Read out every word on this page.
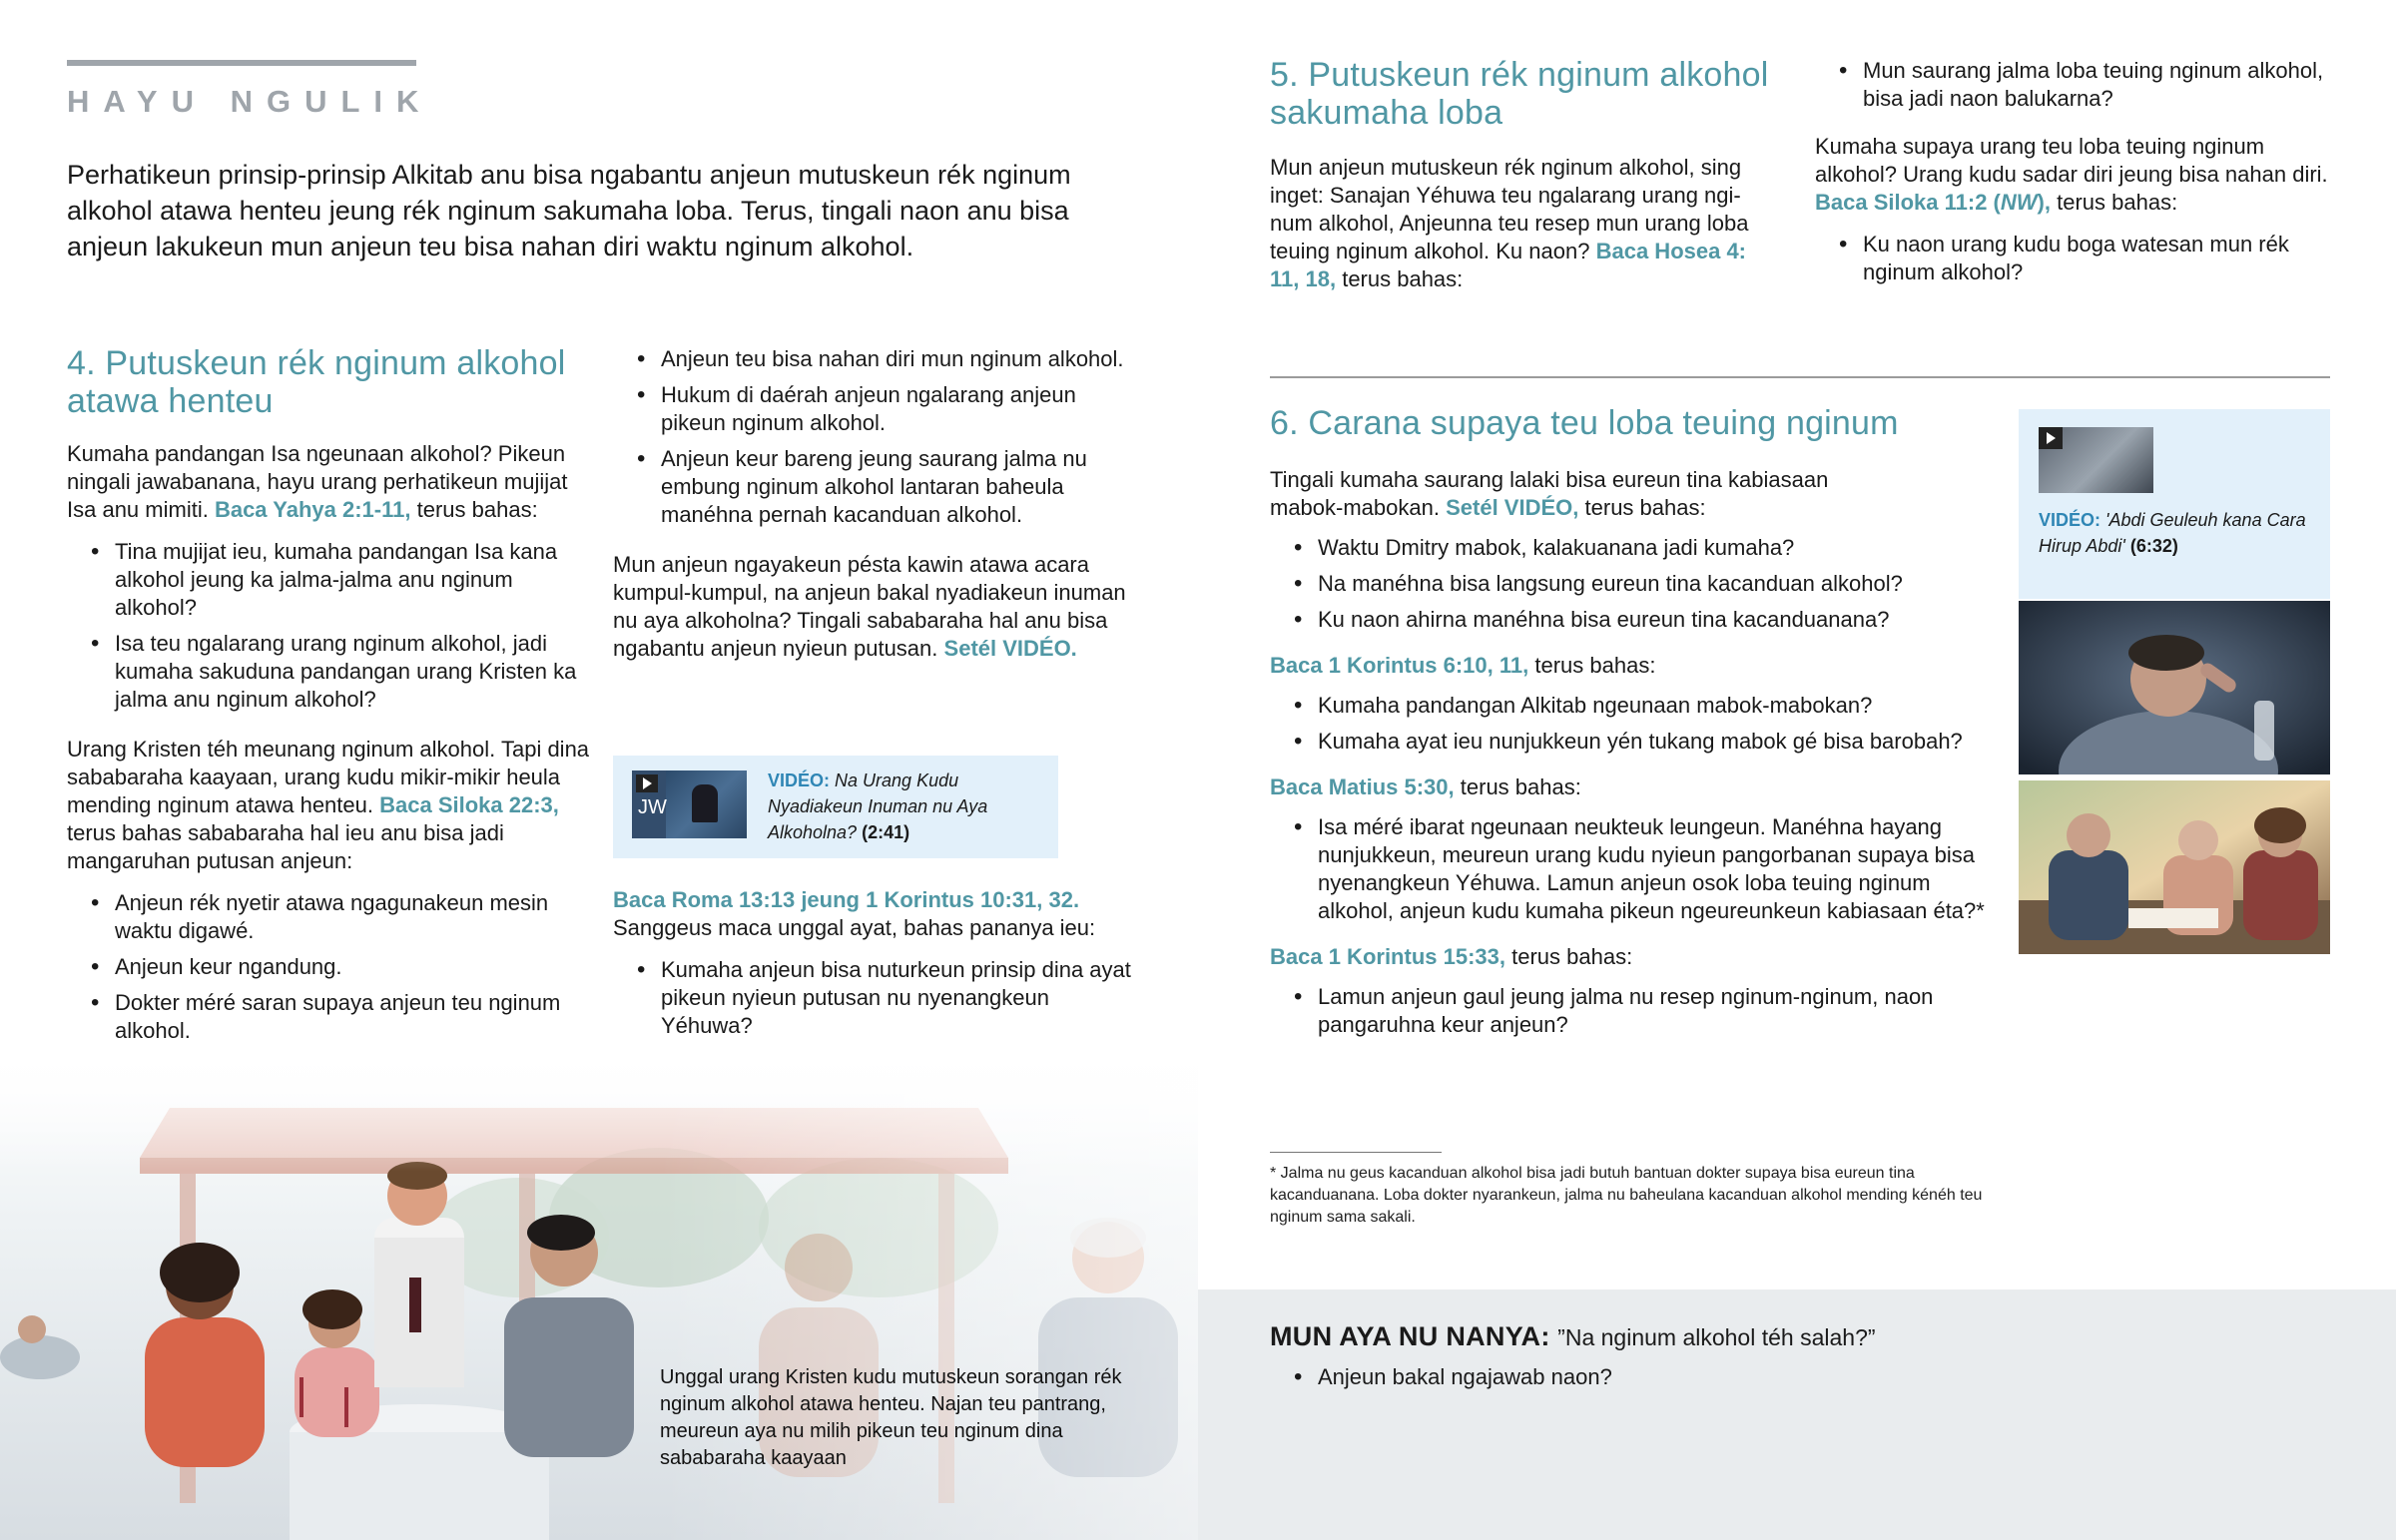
HAYU NGULIK

Perhatikeun prinsip-prinsip Alkitab anu bisa ngabantu anjeun mutuskeun rék nginum alkohol atawa henteu jeung rék nginum sakumaha loba. Terus, tingali naon anu bisa anjeun lakukeun mun anjeun teu bisa nahan diri waktu nginum alkohol.

4. Putuskeun rék nginum alkohol
atawa henteu

Kumaha pandangan Isa ngeunaan alkohol? Pikeun ningali jawabanana, hayu urang perhatikeun mujijat Isa anu mimiti. Baca Yahya 2:1-11, terus bahas:

• Tina mujijat ieu, kumaha pandangan Isa kana alkohol jeung ka jalma-jalma anu nginum alkohol?
• Isa teu ngalarang urang nginum alkohol, jadi kumaha sakuduna pandangan urang Kristen ka jalma anu nginum alkohol?

Urang Kristen téh meunang nginum alkohol. Tapi dina sababaraha kaayaan, urang kudu mikir-mikir heula mending nginum atawa henteu. Baca Siloka 22:3, terus bahas sababaraha hal ieu anu bisa jadi mangaruhan putusan anjeun:

• Anjeun rék nyetir atawa ngagunakeun mesin waktu digawé.
• Anjeun keur ngandung.
• Dokter méré saran supaya anjeun teu nginum alkohol.
• Anjeun teu bisa nahan diri mun nginum alkohol.
• Hukum di daérah anjeun ngalarang anjeun pikeun nginum alkohol.
• Anjeun keur bareng jeung saurang jalma nu embung nginum alkohol lantaran baheula manéhna pernah kacanduan alkohol.

Mun anjeun ngayakeun pésta kawin atawa acara kumpul-kumpul, na anjeun bakal nyadiakeun inuman nu aya alkoholna? Tingali sababaraha hal anu bisa ngabantu anjeun nyieun putusan. Setél VIDÉO.

JW
VIDÉO: Na Urang Kudu Nyadiakeun Inuman nu Aya Alkoholna? (2:41)

Baca Roma 13:13 jeung 1 Korintus 10:31, 32.
Sanggeus maca unggal ayat, bahas pananya ieu:

• Kumaha anjeun bisa nuturkeun prinsip dina ayat pikeun nyieun putusan nu nyenangkeun Yéhuwa?
Unggal urang Kristen kudu mutuskeun sorangan rék nginum alkohol atawa henteu. Najan teu pantrang, meureun aya nu milih pikeun teu nginum dina sababaraha kaayaan
5. Putuskeun rék nginum alkohol
sakumaha loba

Mun anjeun mutuskeun rék nginum alkohol, sing inget: Sanajan Yéhuwa teu ngalarang urang nginum alkohol, Anjeunna teu resep mun urang loba teuing nginum alkohol. Ku naon? Baca Hosea 4: 11, 18, terus bahas:

• Mun saurang jalma loba teuing nginum alkohol, bisa jadi naon balukarna?

Kumaha supaya urang teu loba teuing nginum alkohol? Urang kudu sadar diri jeung bisa nahan diri. Baca Siloka 11:2 (NW), terus bahas:

• Ku naon urang kudu boga watesan mun rék nginum alkohol?
6. Carana supaya teu loba teuing nginum

Tingali kumaha saurang lalaki bisa eureun tina kabiasaan mabok-mabokan. Setél VIDÉO, terus bahas:

• Waktu Dmitry mabok, kalakuanana jadi kumaha?
• Na manéhna bisa langsung eureun tina kacanduan alkohol?
• Ku naon ahirna manéhna bisa eureun tina kacanduanana?

Baca 1 Korintus 6:10, 11, terus bahas:

• Kumaha pandangan Alkitab ngeunaan mabok-mabokan?
• Kumaha ayat ieu nunjukkeun yén tukang mabok gé bisa barobah?

Baca Matius 5:30, terus bahas:

• Isa méré ibarat ngeunaan neukteuk leungeun. Manéhna hayang nunjukkeun, meureun urang kudu nyieun pangorbanan supaya bisa nyenangkeun Yéhuwa. Lamun anjeun osok loba teuing nginum alkohol, anjeun kudu kumaha pikeun ngeureunkeun kabiasaan éta?*

Baca 1 Korintus 15:33, terus bahas:

• Lamun anjeun gaul jeung jalma nu resep nginum-nginum, naon pangaruhna keur anjeun?

* Jalma nu geus kacanduan alkohol bisa jadi butuh bantuan dokter supaya bisa eureun tina kacanduanana. Loba dokter nyarankeun, jalma nu baheulana kacanduan alkohol mending kénéh teu nginum sama sakali.

VIDÉO: 'Abdi Geuleuh kana Cara Hirup Abdi' (6:32)

MUN AYA NU NANYA: ”Na nginum alkohol téh salah?”

• Anjeun bakal ngajawab naon?
